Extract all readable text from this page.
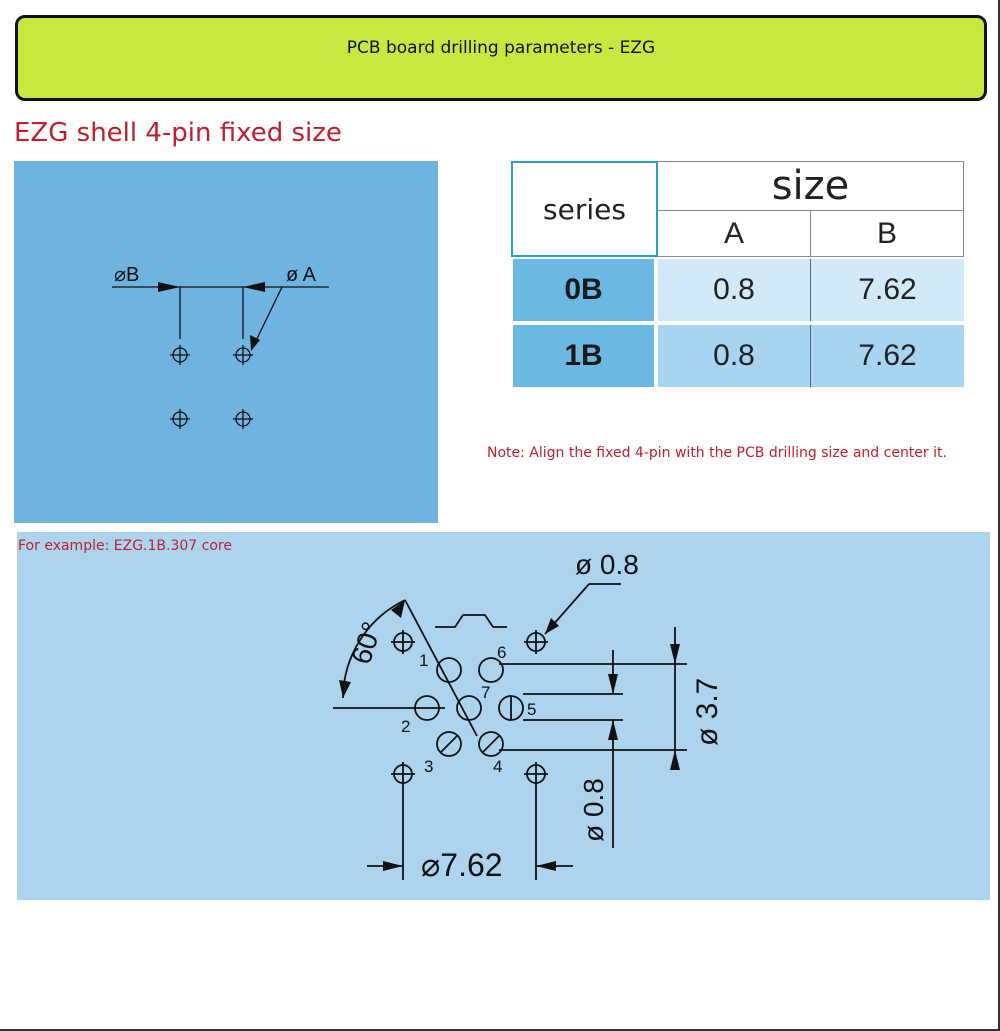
PCB board drilling parameters - EZG
EZG shell 4-pin fixed size
⌀B	ø A
series	size
A	B
0B	0.8	7.62
1B	0.8	7.62
Note: Align the fixed 4-pin with the PCB drilling size and center it.
For example: EZG.1B.307 core
1
2
3	4
5
6
7
ø 0.8
60°
ø 3.7
ø 0.8
⌀7.62
